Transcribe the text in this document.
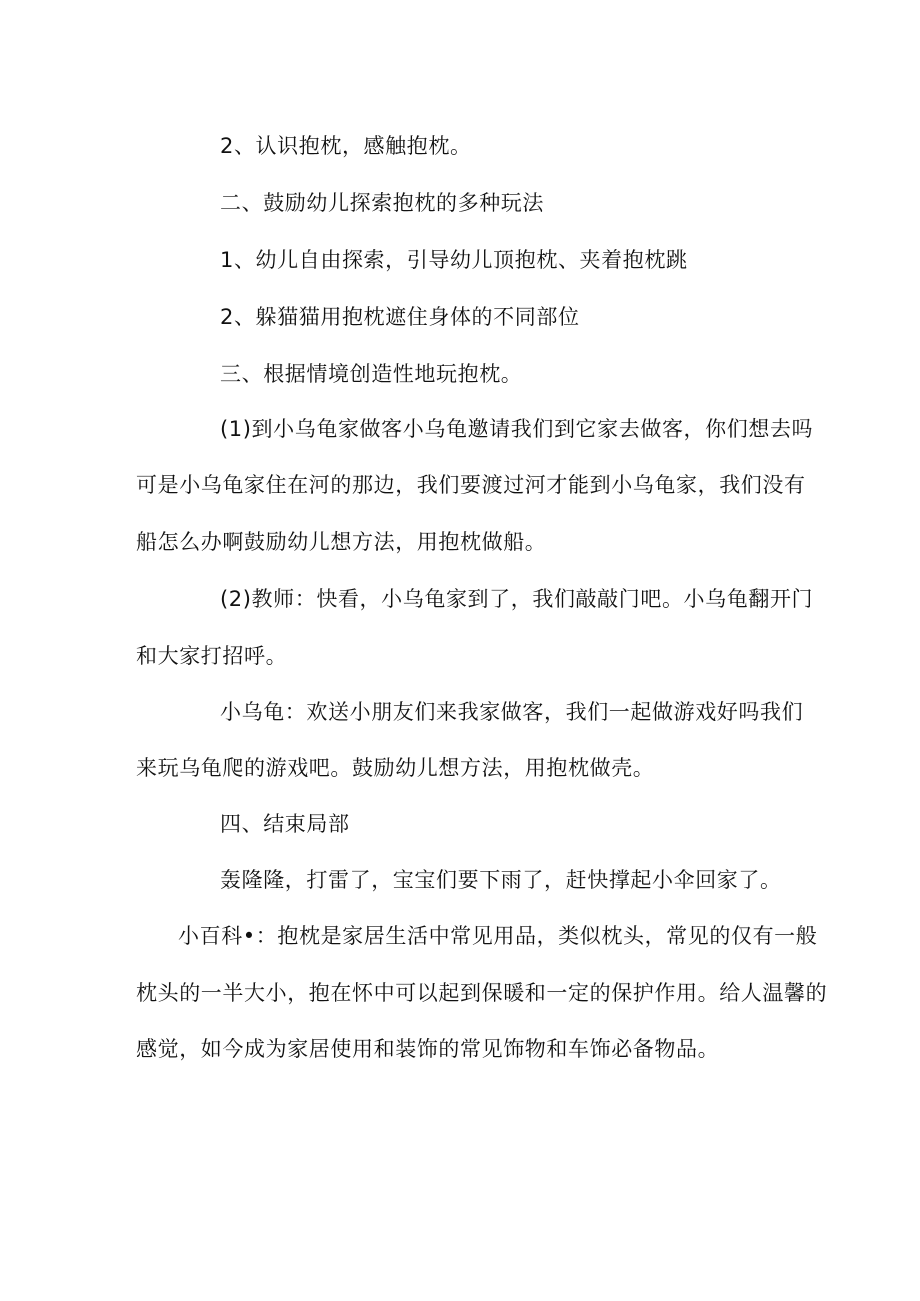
2、认识抱枕，感触抱枕。
二、鼓励幼儿探索抱枕的多种玩法
1、幼儿自由探索，引导幼儿顶抱枕、夹着抱枕跳
2、躲猫猫用抱枕遮住身体的不同部位
三、根据情境创造性地玩抱枕。
(1)到小乌龟家做客小乌龟邀请我们到它家去做客，你们想去吗
可是小乌龟家住在河的那边，我们要渡过河才能到小乌龟家，我们没有
船怎么办啊鼓励幼儿想方法，用抱枕做船。
(2)教师：快看，小乌龟家到了，我们敲敲门吧。小乌龟翻开门
和大家打招呼。
小乌龟：欢送小朋友们来我家做客，我们一起做游戏好吗我们
来玩乌龟爬的游戏吧。鼓励幼儿想方法，用抱枕做壳。
四、结束局部
轰隆隆，打雷了，宝宝们要下雨了，赶快撑起小伞回家了。
小百科•：抱枕是家居生活中常见用品，类似枕头，常见的仅有一般
枕头的一半大小，抱在怀中可以起到保暖和一定的保护作用。给人温馨的
感觉，如今成为家居使用和装饰的常见饰物和车饰必备物品。
